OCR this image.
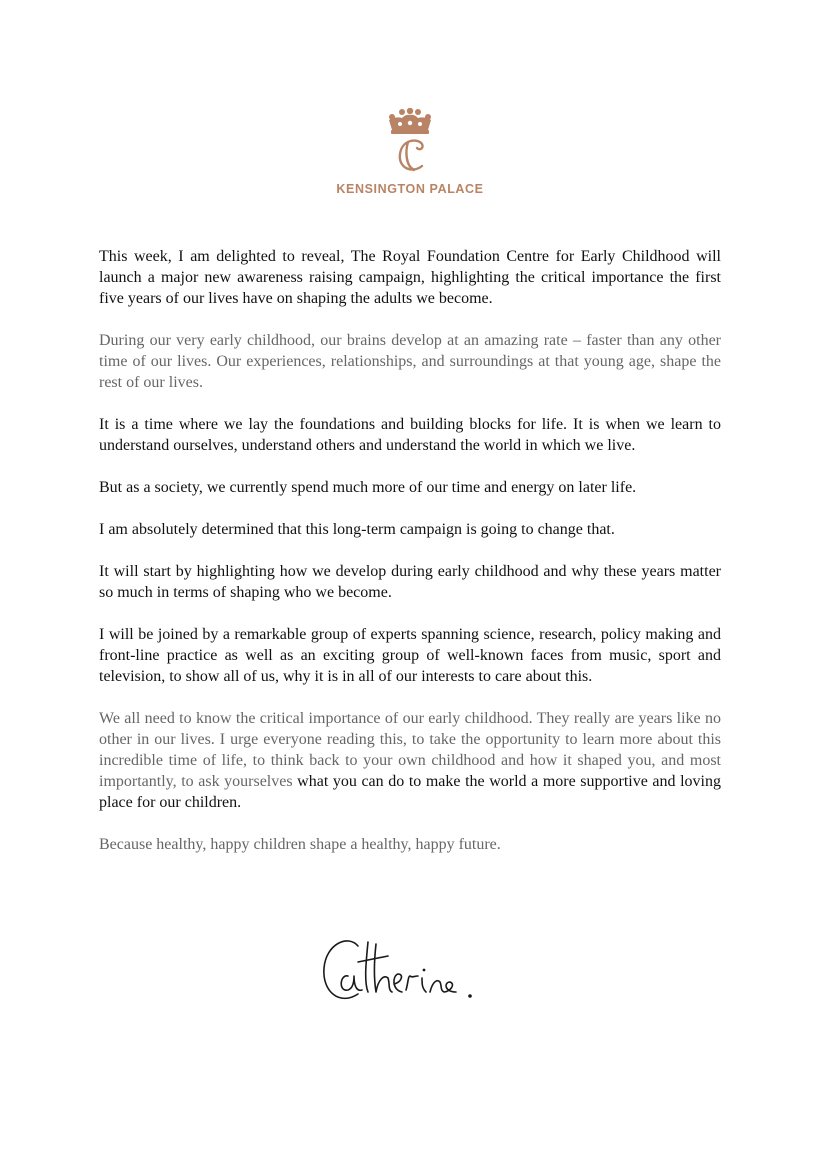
KENSINGTON PALACE

This week, I am delighted to reveal, The Royal Foundation Centre for Early Childhood will launch a major new awareness raising campaign, highlighting the critical importance the first five years of our lives have on shaping the adults we become.

During our very early childhood, our brains develop at an amazing rate – faster than any other time of our lives. Our experiences, relationships, and surroundings at that young age, shape the rest of our lives.

It is a time where we lay the foundations and building blocks for life. It is when we learn to understand ourselves, understand others and understand the world in which we live.

But as a society, we currently spend much more of our time and energy on later life.

I am absolutely determined that this long-term campaign is going to change that.

It will start by highlighting how we develop during early childhood and why these years matter so much in terms of shaping who we become.

I will be joined by a remarkable group of experts spanning science, research, policy making and front-line practice as well as an exciting group of well-known faces from music, sport and television, to show all of us, why it is in all of our interests to care about this.

We all need to know the critical importance of our early childhood. They really are years like no other in our lives. I urge everyone reading this, to take the opportunity to learn more about this incredible time of life, to think back to your own childhood and how it shaped you, and most importantly, to ask yourselves what you can do to make the world a more supportive and loving place for our children.

Because healthy, happy children shape a healthy, happy future.
